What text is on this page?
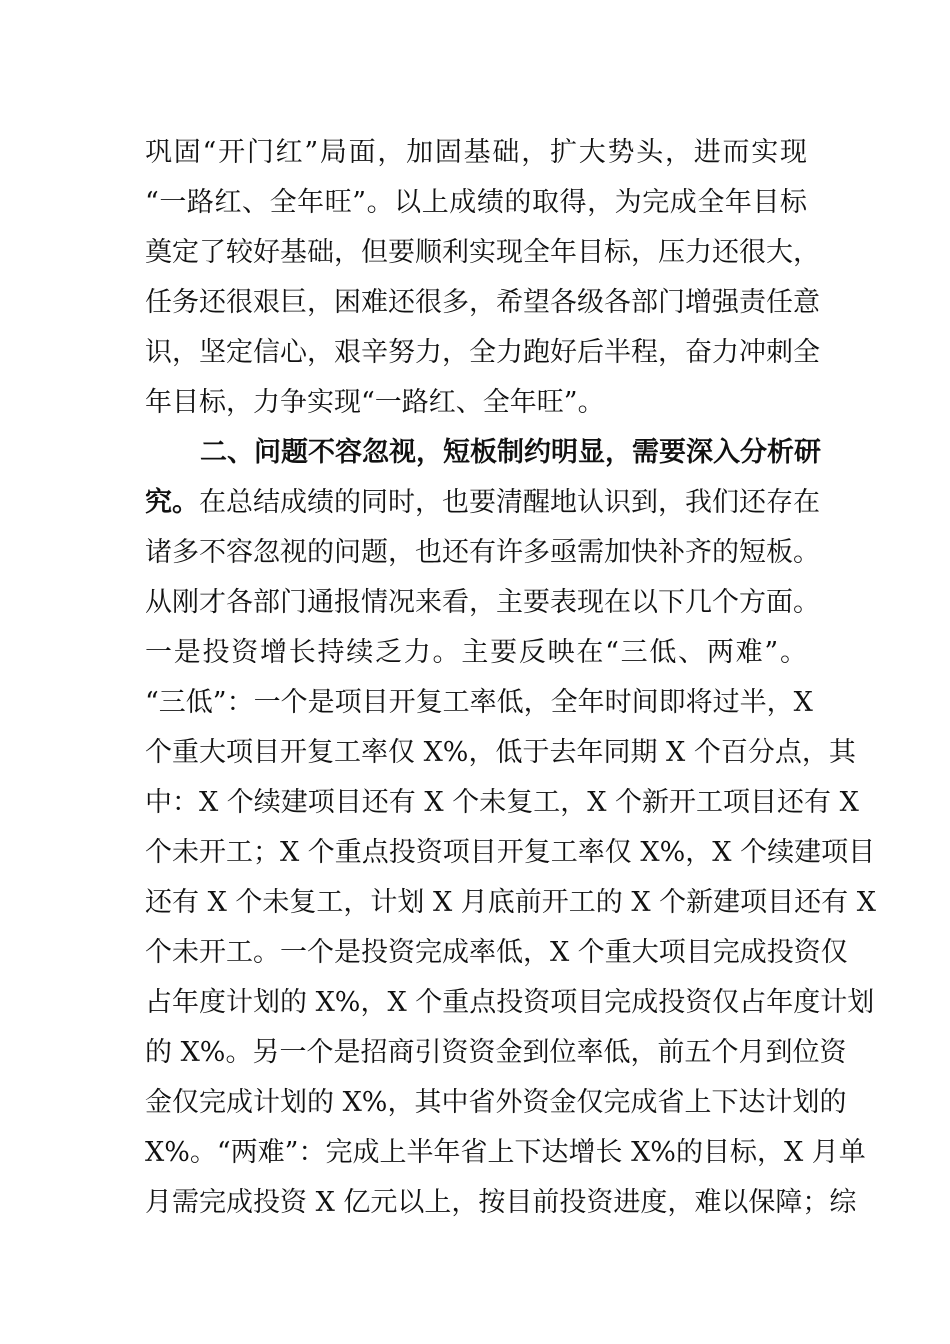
巩固“开门红”局面，加固基础，扩大势头，进而实现
“一路红、全年旺”。以上成绩的取得，为完成全年目标
奠定了较好基础，但要顺利实现全年目标，压力还很大，
任务还很艰巨，困难还很多，希望各级各部门增强责任意
识，坚定信心，艰辛努力，全力跑好后半程，奋力冲刺全
年目标，力争实现“一路红、全年旺”。
二、问题不容忽视，短板制约明显，需要深入分析研
究。在总结成绩的同时，也要清醒地认识到，我们还存在
诸多不容忽视的问题，也还有许多亟需加快补齐的短板。
从刚才各部门通报情况来看，主要表现在以下几个方面。
一是投资增长持续乏力。主要反映在“三低、两难”。
“三低”：一个是项目开复工率低，全年时间即将过半，X
个重大项目开复工率仅 X%，低于去年同期 X 个百分点，其
中：X 个续建项目还有 X 个未复工，X 个新开工项目还有 X
个未开工；X 个重点投资项目开复工率仅 X%，X 个续建项目
还有 X 个未复工，计划 X 月底前开工的 X 个新建项目还有 X
个未开工。一个是投资完成率低，X 个重大项目完成投资仅
占年度计划的 X%，X 个重点投资项目完成投资仅占年度计划
的 X%。另一个是招商引资资金到位率低，前五个月到位资
金仅完成计划的 X%，其中省外资金仅完成省上下达计划的
X%。“两难”：完成上半年省上下达增长 X%的目标，X 月单
月需完成投资 X 亿元以上，按目前投资进度，难以保障；综
